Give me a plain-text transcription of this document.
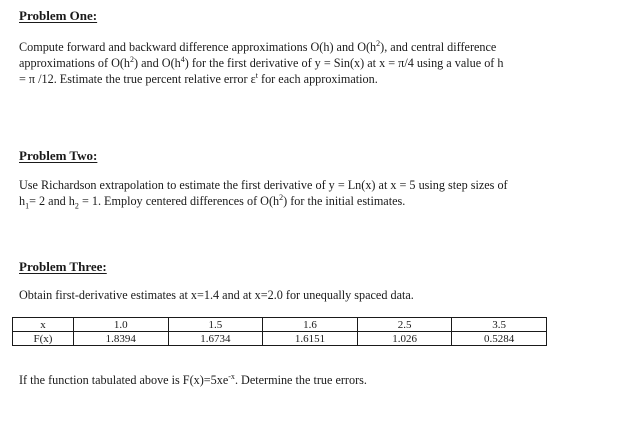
Problem One:
Compute forward and backward difference approximations O(h) and $O(h^2)$, and central difference
approximations of $O(h^2)$ and $O(h^4)$ for the first derivative of y = Sin(x) at x = π/4 using a value of h
= π /12. Estimate the true percent relative error $\varepsilon^t$ for each approximation.
Problem Two:
Use Richardson extrapolation to estimate the first derivative of y = Ln(x) at x = 5 using step sizes of
$h_1= 2$ and $h_2 = 1$. Employ centered differences of $O(h^2)$ for the initial estimates.
Problem Three:
Obtain first-derivative estimates at x=1.4 and at x=2.0 for unequally spaced data.
x	1.0	1.5	1.6	2.5	3.5
F(x)	1.8394	1.6734	1.6151	1.026	0.5284
If the function tabulated above is $F(x)=5xe^{-x}$. Determine the true errors.
